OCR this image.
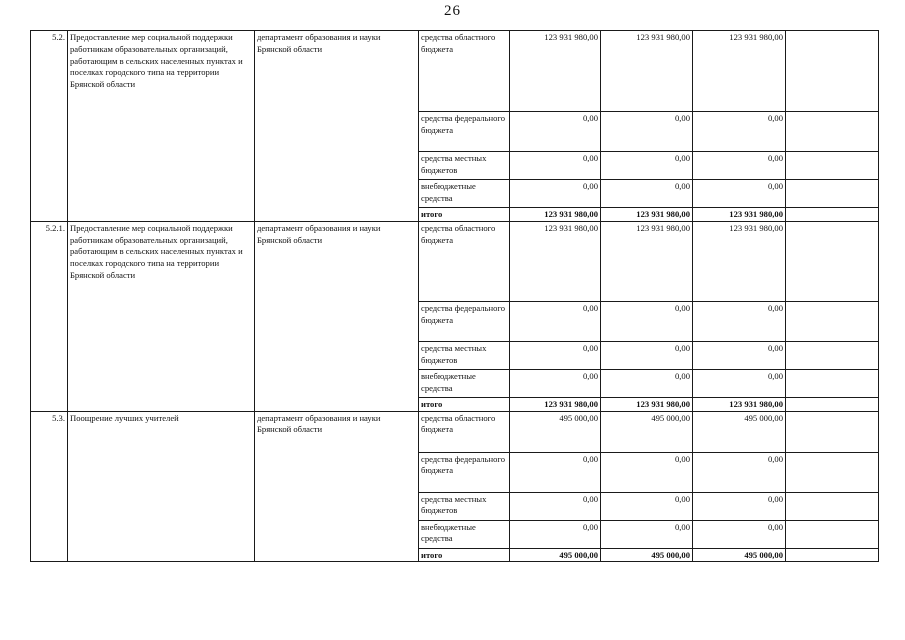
26
5.2.	Предоставление мер социальной поддержки работникам образовательных организаций, работающим в сельских населенных пунктах и поселках городского типа на территории Брянской области	департамент образования и науки Брянской области	средства областного бюджета	123 931 980,00	123 931 980,00	123 931 980,00	
			средства федерального бюджета	0,00	0,00	0,00	
			средства местных бюджетов	0,00	0,00	0,00	
			внебюджетные средства	0,00	0,00	0,00	
			итого	123 931 980,00	123 931 980,00	123 931 980,00	
5.2.1.	Предоставление мер социальной поддержки работникам образовательных организаций, работающим в сельских населенных пунктах и поселках городского типа на территории Брянской области	департамент образования и науки Брянской области	средства областного бюджета	123 931 980,00	123 931 980,00	123 931 980,00	
			средства федерального бюджета	0,00	0,00	0,00	
			средства местных бюджетов	0,00	0,00	0,00	
			внебюджетные средства	0,00	0,00	0,00	
			итого	123 931 980,00	123 931 980,00	123 931 980,00	
5.3.	Поощрение лучших учителей	департамент образования и науки Брянской области	средства областного бюджета	495 000,00	495 000,00	495 000,00	
			средства федерального бюджета	0,00	0,00	0,00	
			средства местных бюджетов	0,00	0,00	0,00	
			внебюджетные средства	0,00	0,00	0,00	
			итого	495 000,00	495 000,00	495 000,00	
